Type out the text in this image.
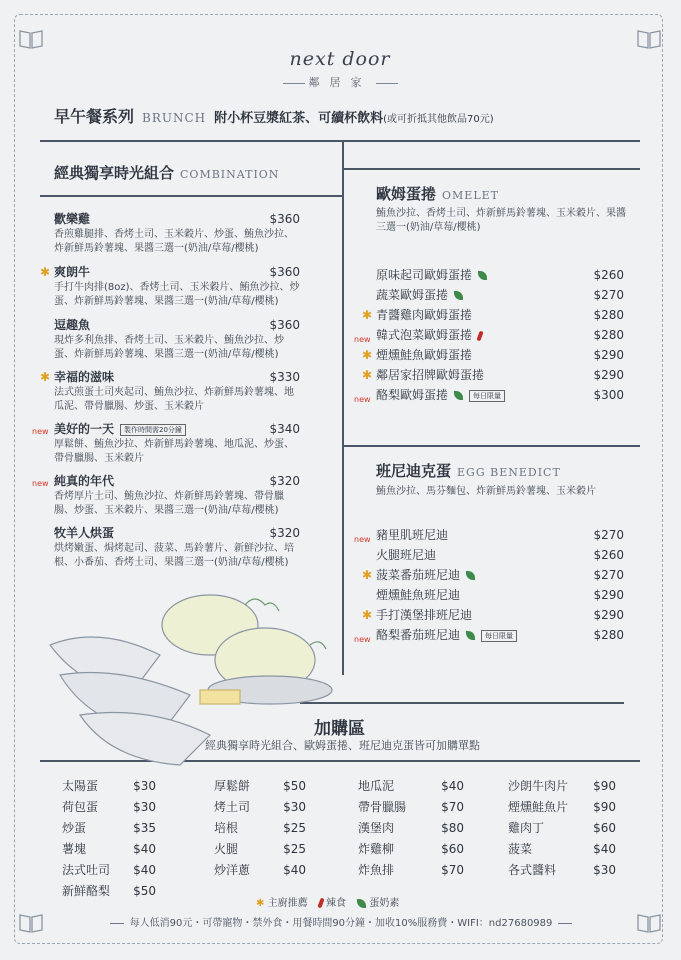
next door
鄰居家
早午餐系列 BRUNCH 附小杯豆漿紅茶、可續杯飲料(或可折抵其他飲品70元)
經典獨享時光組合 COMBINATION
歡樂雞	$360
香煎雞腿排、香烤土司、玉米穀片、炒蛋、鮪魚沙拉、炸新鮮馬鈴薯塊、果醬三選一(奶油/草莓/櫻桃)
✱ 爽朗牛	$360
手打牛肉排(8oz)、香烤土司、玉米穀片、鮪魚沙拉、炒蛋、炸新鮮馬鈴薯塊、果醬三選一(奶油/草莓/櫻桃)
逗趣魚	$360
現炸多利魚排、香烤土司、玉米穀片、鮪魚沙拉、炒蛋、炸新鮮馬鈴薯塊、果醬三選一(奶油/草莓/櫻桃)
✱ 幸福的滋味	$330
法式煎蛋土司夾起司、鮪魚沙拉、炸新鮮馬鈴薯塊、地瓜泥、帶骨臘腸、炒蛋、玉米穀片
new 美好的一天 製作時間需20分鐘	$340
厚鬆餅、鮪魚沙拉、炸新鮮馬鈴薯塊、地瓜泥、炒蛋、帶骨臘腸、玉米穀片
new 純真的年代	$320
香烤厚片土司、鮪魚沙拉、炸新鮮馬鈴薯塊、帶骨臘腸、炒蛋、玉米穀片、果醬三選一(奶油/草莓/櫻桃)
牧羊人烘蛋	$320
烘烤嫩蛋、焗烤起司、菠菜、馬鈴薯片、新鮮沙拉、培根、小番茄、香烤土司、果醬三選一(奶油/草莓/櫻桃)
歐姆蛋捲 OMELET
鮪魚沙拉、香烤土司、炸新鮮馬鈴薯塊、玉米穀片、果醬三選一(奶油/草莓/櫻桃)
原味起司歐姆蛋捲	$260
蔬菜歐姆蛋捲	$270
✱ 青醬雞肉歐姆蛋捲	$280
new 韓式泡菜歐姆蛋捲	$280
✱ 煙燻鮭魚歐姆蛋捲	$290
✱ 鄰居家招牌歐姆蛋捲	$290
new 酪梨歐姆蛋捲	每日限量	$300
班尼迪克蛋 EGG BENEDICT
鮪魚沙拉、馬芬麵包、炸新鮮馬鈴薯塊、玉米穀片
new 豬里肌班尼迪	$270
火腿班尼迪	$260
✱ 菠菜番茄班尼迪	$270
煙燻鮭魚班尼迪	$290
✱ 手打漢堡排班尼迪	$290
new 酪梨番茄班尼迪	每日限量	$280
加購區
經典獨享時光組合、歐姆蛋捲、班尼迪克蛋皆可加購單點
太陽蛋	$30
荷包蛋	$30
炒蛋	$35
薯塊	$40
法式吐司 $40
新鮮酪梨 $50
厚鬆餅	$50
烤土司	$30
培根	$25
火腿	$25
炒洋蔥	$40
地瓜泥	$40
帶骨臘腸	$70
漢堡肉	$80
炸雞柳	$60
炸魚排	$70
沙朗牛肉片 $90
煙燻鮭魚片 $90
雞肉丁	$60
菠菜	$40
各式醬料	$30
✱ 主廚推薦 辣食 蛋奶素
每人低消90元・可帶寵物・禁外食・用餐時間90分鐘・加收10%服務費・WIFI：nd27680989
